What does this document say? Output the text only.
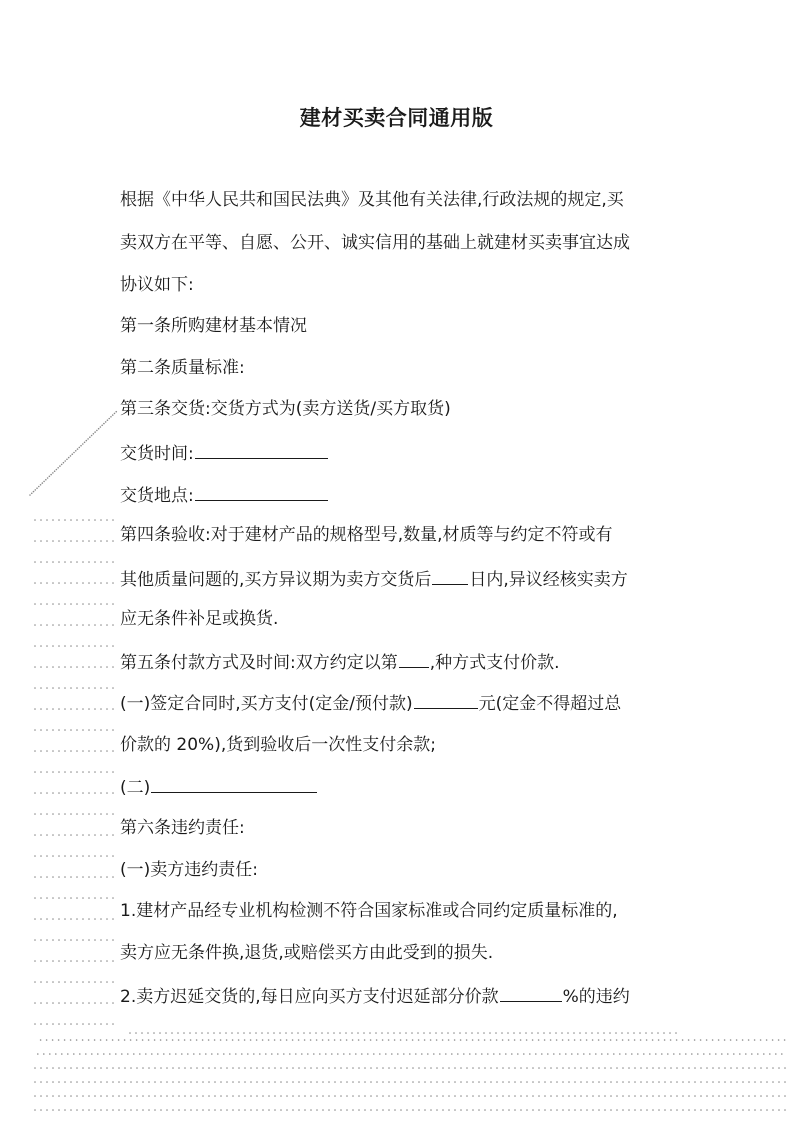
建材买卖合同通用版
根据《中华人民共和国民法典》及其他有关法律,行政法规的规定,买
卖双方在平等、自愿、公开、诚实信用的基础上就建材买卖事宜达成
协议如下:
第一条所购建材基本情况
第二条质量标准:
第三条交货:交货方式为(卖方送货/买方取货)
交货时间:
交货地点:
第四条验收:对于建材产品的规格型号,数量,材质等与约定不符或有
其他质量问题的,买方异议期为卖方交货后 日内,异议经核实卖方
应无条件补足或换货.
第五条付款方式及时间:双方约定以第 ,种方式支付价款.
(一)签定合同时,买方支付(定金/预付款)	元(定金不得超过总
价款的 20%),货到验收后一次性支付余款;
(二)
第六条违约责任:
(一)卖方违约责任:
1.建材产品经专业机构检测不符合国家标准或合同约定质量标准的,
卖方应无条件换,退货,或赔偿买方由此受到的损失.
2.卖方迟延交货的,每日应向买方支付迟延部分价款	%的违约
